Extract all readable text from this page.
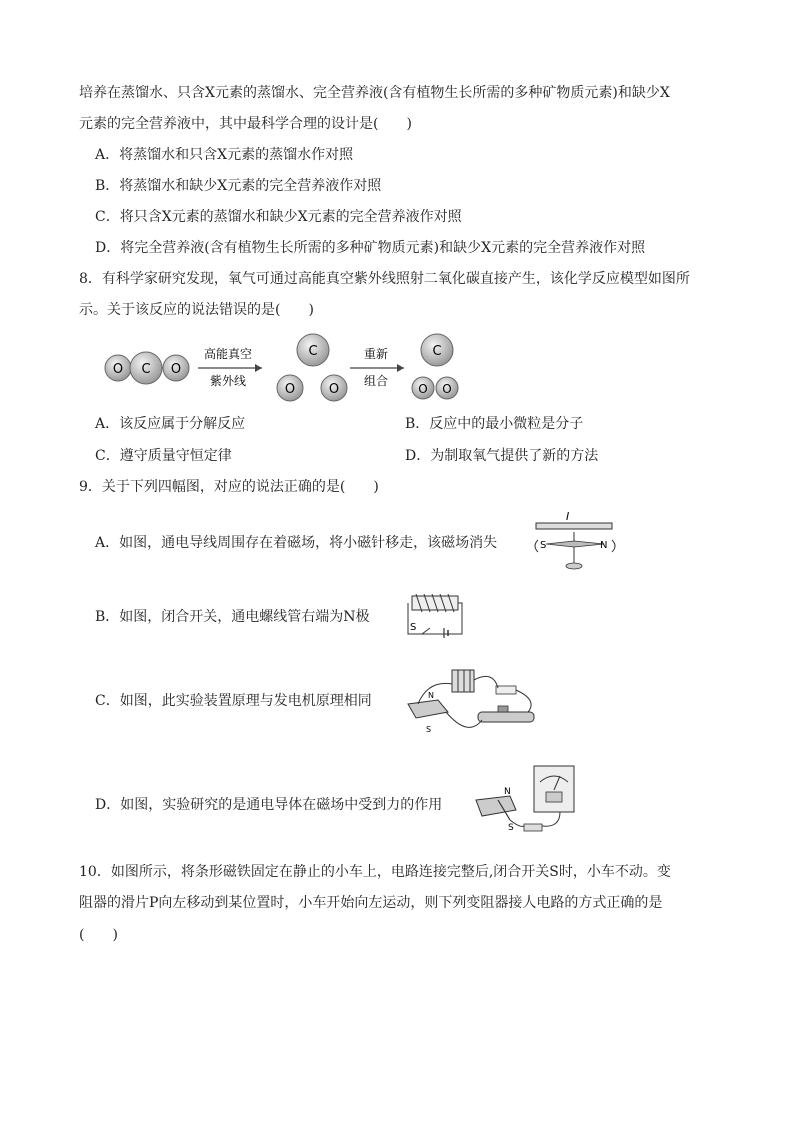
培养在蒸馏水、只含X元素的蒸馏水、完全营养液(含有植物生长所需的多种矿物质元素)和缺少X
元素的完全营养液中，其中最科学合理的设计是(　　)
A．将蒸馏水和只含X元素的蒸馏水作对照
B．将蒸馏水和缺少X元素的完全营养液作对照
C．将只含X元素的蒸馏水和缺少X元素的完全营养液作对照
D．将完全营养液(含有植物生长所需的多种矿物质元素)和缺少X元素的完全营养液作对照
8．有科学家研究发现，氧气可通过高能真空紫外线照射二氧化碳直接产生，该化学反应模型如图所
示。关于该反应的说法错误的是(　　)
O C O
高能真空
紫外线
C
O	O
重新
组合
C
O O
A．该反应属于分解反应	B．反应中的最小微粒是分子
C．遵守质量守恒定律	D．为制取氧气提供了新的方法
9．关于下列四幅图，对应的说法正确的是(　　)
A．如图，通电导线周围存在着磁场，将小磁针移走，该磁场消失
I
S	N
B．如图，闭合开关，通电螺线管右端为N极
S
C．如图，此实验装置原理与发电机原理相同	N
S
D．如图，实验研究的是通电导体在磁场中受到力的作用
N
S
10．如图所示，将条形磁铁固定在静止的小车上，电路连接完整后,闭合开关S时，小车不动。变
阻器的滑片P向左移动到某位置时，小车开始向左运动，则下列变阻器接人电路的方式正确的是
(　　)
